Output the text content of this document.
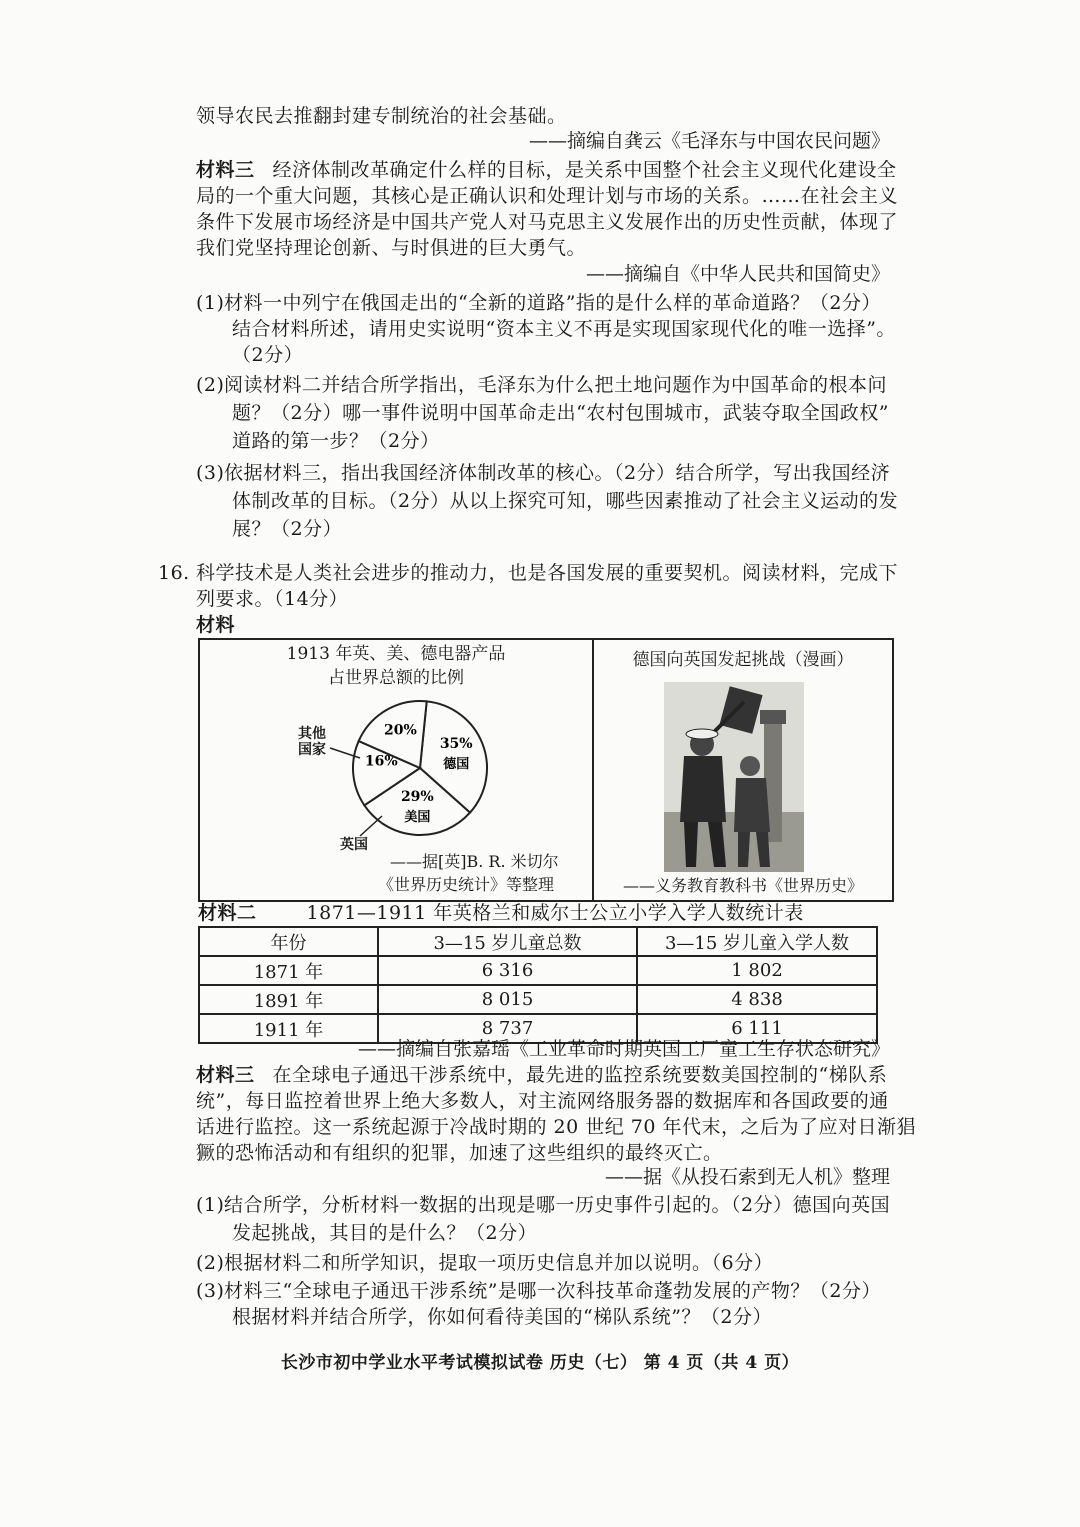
领导农民去推翻封建专制统治的社会基础。
——摘编自龚云《毛泽东与中国农民问题》
材料三 经济体制改革确定什么样的目标，是关系中国整个社会主义现代化建设全
局的一个重大问题，其核心是正确认识和处理计划与市场的关系。……在社会主义
条件下发展市场经济是中国共产党人对马克思主义发展作出的历史性贡献，体现了
我们党坚持理论创新、与时俱进的巨大勇气。
——摘编自《中华人民共和国简史》
(1)材料一中列宁在俄国走出的“全新的道路”指的是什么样的革命道路？（2分）
结合材料所述，请用史实说明“资本主义不再是实现国家现代化的唯一选择”。
（2分）
(2)阅读材料二并结合所学指出，毛泽东为什么把土地问题作为中国革命的根本问
题？（2分）哪一事件说明中国革命走出“农村包围城市，武装夺取全国政权”
道路的第一步？（2分）
(3)依据材料三，指出我国经济体制改革的核心。（2分）结合所学，写出我国经济
体制改革的目标。（2分）从以上探究可知，哪些因素推动了社会主义运动的发
展？（2分）
16. 科学技术是人类社会进步的推动力，也是各国发展的重要契机。阅读材料，完成下
列要求。（14分）
材料
1913 年英、美、德电器产品
占世界总额的比例
35%
德国
29%
美国
16%
20%
其他国家
英国
——据[英]B. R. 米切尔
《世界历史统计》等整理
德国向英国发起挑战（漫画）
——义务教育教科书《世界历史》
材料二	1871—1911 年英格兰和威尔士公立小学入学人数统计表
年份	3—15 岁儿童总数	3—15 岁儿童入学人数
1871 年	6 316	1 802
1891 年	8 015	4 838
1911 年	8 737	6 111
——摘编自张嘉瑶《工业革命时期英国工厂童工生存状态研究》
材料三 在全球电子通迅干涉系统中，最先进的监控系统要数美国控制的“梯队系
统”，每日监控着世界上绝大多数人，对主流网络服务器的数据库和各国政要的通
话进行监控。这一系统起源于冷战时期的 20 世纪 70 年代末，之后为了应对日渐猖
獗的恐怖活动和有组织的犯罪，加速了这些组织的最终灭亡。
——据《从投石索到无人机》整理
(1)结合所学，分析材料一数据的出现是哪一历史事件引起的。（2分）德国向英国
发起挑战，其目的是什么？（2分）
(2)根据材料二和所学知识，提取一项历史信息并加以说明。（6分）
(3)材料三“全球电子通迅干涉系统”是哪一次科技革命蓬勃发展的产物？（2分）
根据材料并结合所学，你如何看待美国的“梯队系统”？（2分）
长沙市初中学业水平考试模拟试卷 历史（七） 第 4 页（共 4 页）
